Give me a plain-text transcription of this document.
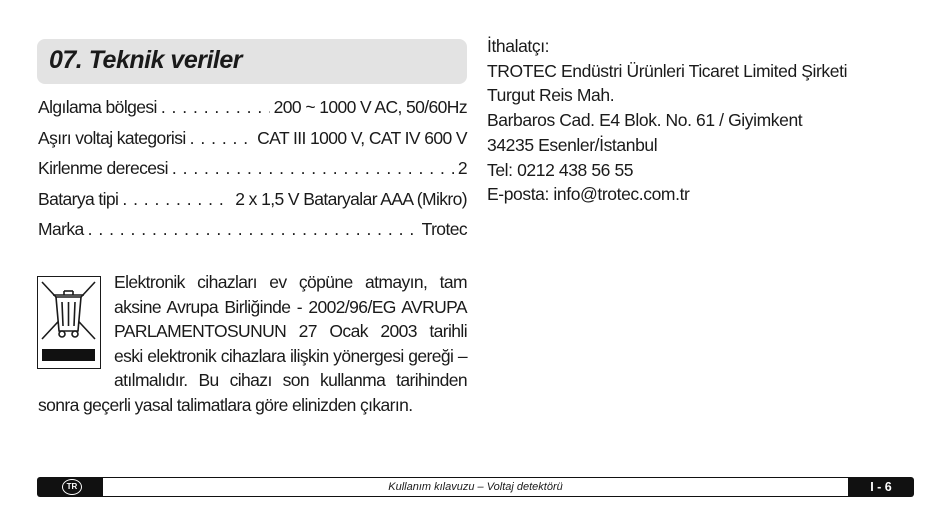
07. Teknik veriler
Algılama bölgesi . . .	200 ~ 1000 V AC, 50/60Hz
Aşırı voltaj kategorisi . . .	CAT III 1000 V, CAT IV 600 V
Kirlenme derecesi . . .	2
Batarya tipi . . .	2 x 1,5 V Bataryalar AAA (Mikro)
Marka . . .	Trotec

Elektronik cihazları ev çöpüne atmayın, tam aksine Avrupa Birliğinde - 2002/96/EG AVRUPA PARLAMENTOSUNUN 27 Ocak 2003 tarihli eski elektronik cihazlara ilişkin yönergesi gereği – atılmalıdır. Bu cihazı son kullanma tarihinden sonra geçerli yasal talimatlara göre elinizden çıkarın.

İthalatçı:

TROTEC Endüstri Ürünleri Ticaret Limited Şirketi

Turgut Reis Mah.

Barbaros Cad. E4 Blok. No. 61 / Giyimkent

34235 Esenler/İstanbul

Tel: 0212 438 56 55

E-posta: info@trotec.com.tr

TR	Kullanım kılavuzu – Voltaj detektörü	I - 6
